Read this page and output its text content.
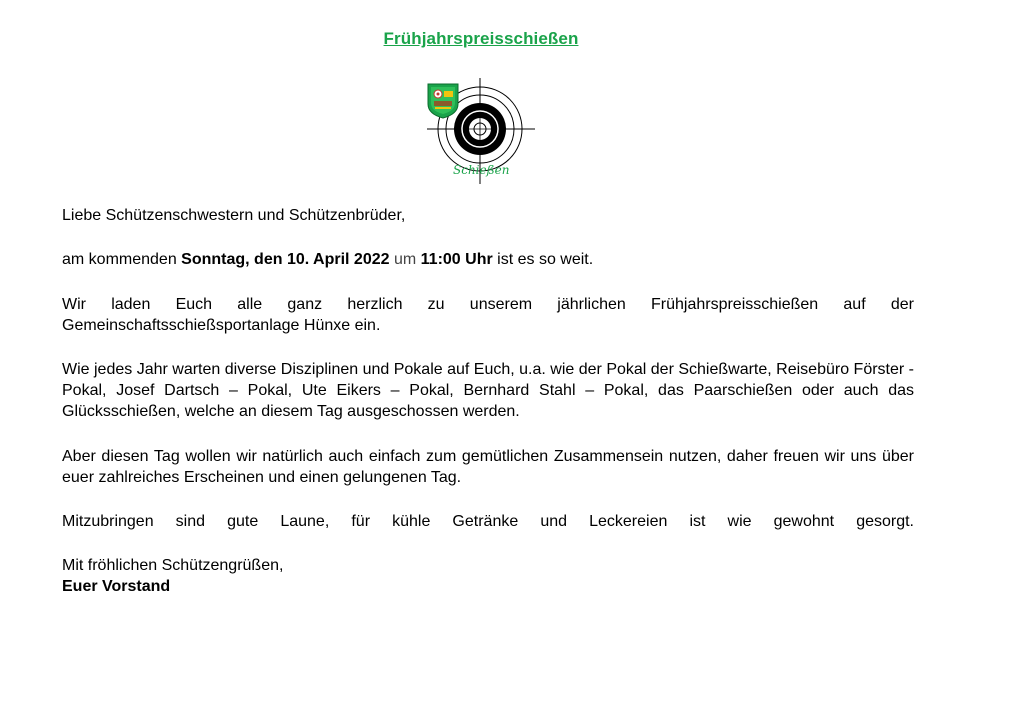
Frühjahrspreisschießen
Schießen
Liebe Schützenschwestern und Schützenbrüder,
am kommenden Sonntag, den 10. April 2022 um 11:00 Uhr ist es so weit.
Wir laden Euch alle ganz herzlich zu unserem jährlichen Frühjahrspreisschießen auf der Gemeinschaftsschießsportanlage Hünxe ein.
Wie jedes Jahr warten diverse Disziplinen und Pokale auf Euch, u.a. wie der Pokal der Schießwarte, Reisebüro Förster - Pokal, Josef Dartsch – Pokal, Ute Eikers – Pokal, Bernhard Stahl – Pokal, das Paarschießen oder auch das Glücksschießen, welche an diesem Tag ausgeschossen werden.
Aber diesen Tag wollen wir natürlich auch einfach zum gemütlichen Zusammensein nutzen, daher freuen wir uns über euer zahlreiches Erscheinen und einen gelungenen Tag.
Mitzubringen sind gute Laune, für kühle Getränke und Leckereien ist wie gewohnt gesorgt.
Mit fröhlichen Schützengrüßen,
Euer Vorstand
